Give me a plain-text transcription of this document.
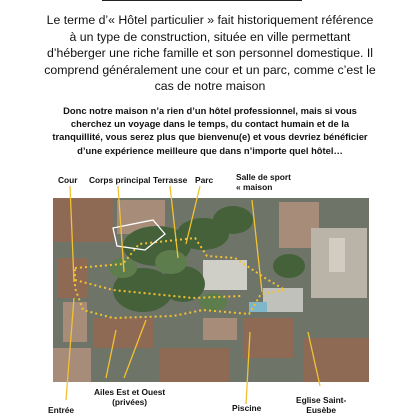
Le terme d’« Hôtel particulier » fait historiquement référence
à un type de construction, située en ville permettant
d’héberger une riche famille et son personnel domestique. Il
comprend généralement une cour et un parc, comme c’est le
cas de notre maison

Donc notre maison n’a rien d’un hôtel professionnel, mais si vous
cherchez un voyage dans le temps, du contact humain et de la
tranquillité, vous serez plus que bienvenu(e) et vous devriez bénéficier
d’une expérience meilleure que dans n’importe quel hôtel…

Cour Corps principal Terrasse Parc	Salle de sport
« maison
Ailes Est et Ouest
(privées)
Entrée	Piscine
Eglise Saint-
Eusèbe
